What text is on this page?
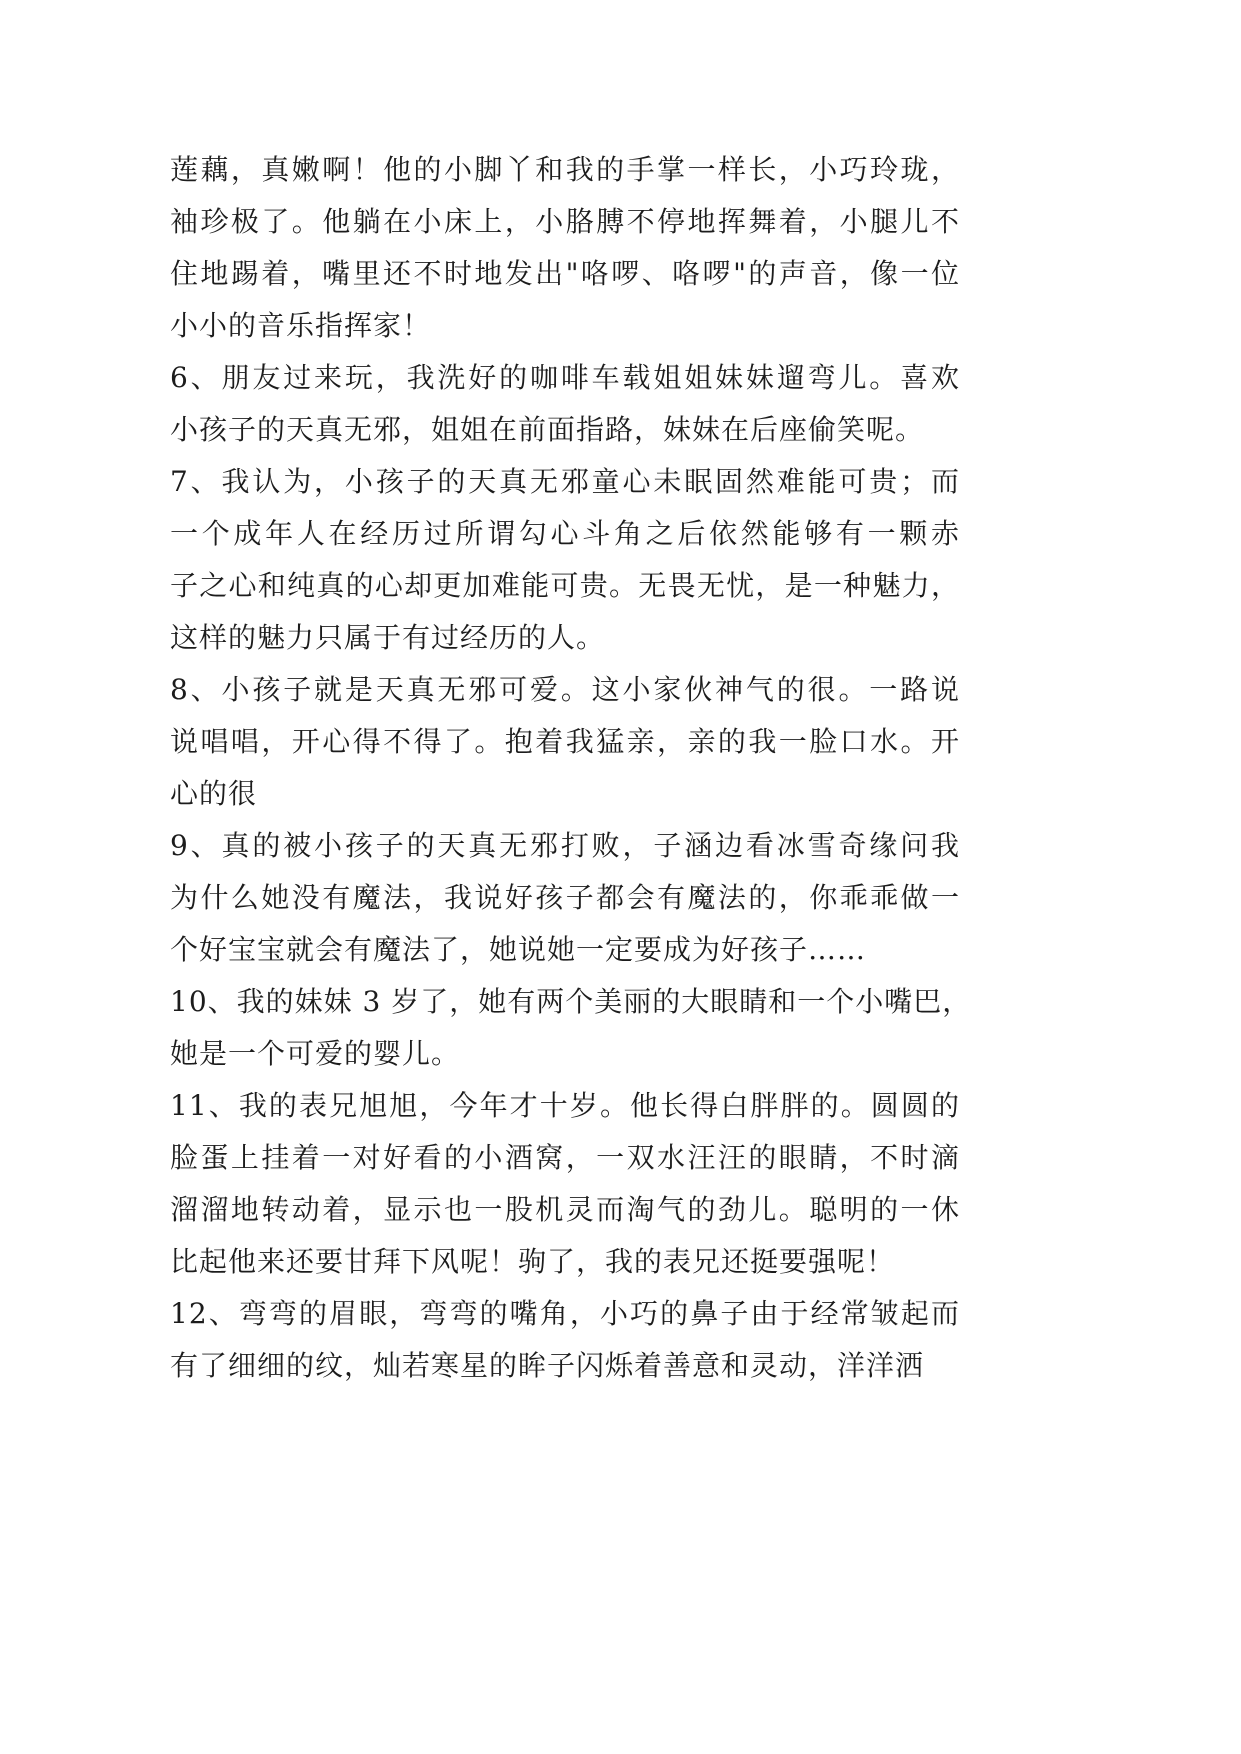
莲藕，真嫩啊！他的小脚丫和我的手掌一样长，小巧玲珑，
袖珍极了。他躺在小床上，小胳膊不停地挥舞着，小腿儿不
住地踢着，嘴里还不时地发出"咯啰、咯啰"的声音，像一位
小小的音乐指挥家！
6、朋友过来玩，我洗好的咖啡车载姐姐妹妹遛弯儿。喜欢
小孩子的天真无邪，姐姐在前面指路，妹妹在后座偷笑呢。
7、我认为，小孩子的天真无邪童心未眠固然难能可贵；而
一个成年人在经历过所谓勾心斗角之后依然能够有一颗赤
子之心和纯真的心却更加难能可贵。无畏无忧，是一种魅力，
这样的魅力只属于有过经历的人。
8、小孩子就是天真无邪可爱。这小家伙神气的很。一路说
说唱唱，开心得不得了。抱着我猛亲，亲的我一脸口水。开
心的很
9、真的被小孩子的天真无邪打败，子涵边看冰雪奇缘问我
为什么她没有魔法，我说好孩子都会有魔法的，你乖乖做一
个好宝宝就会有魔法了，她说她一定要成为好孩子……
10、我的妹妹 3 岁了，她有两个美丽的大眼睛和一个小嘴巴，
她是一个可爱的婴儿。
11、我的表兄旭旭，今年才十岁。他长得白胖胖的。圆圆的
脸蛋上挂着一对好看的小酒窝，一双水汪汪的眼睛，不时滴
溜溜地转动着，显示也一股机灵而淘气的劲儿。聪明的一休
比起他来还要甘拜下风呢！驹了，我的表兄还挺要强呢！
12、弯弯的眉眼，弯弯的嘴角，小巧的鼻子由于经常皱起而
有了细细的纹，灿若寒星的眸子闪烁着善意和灵动，洋洋洒
